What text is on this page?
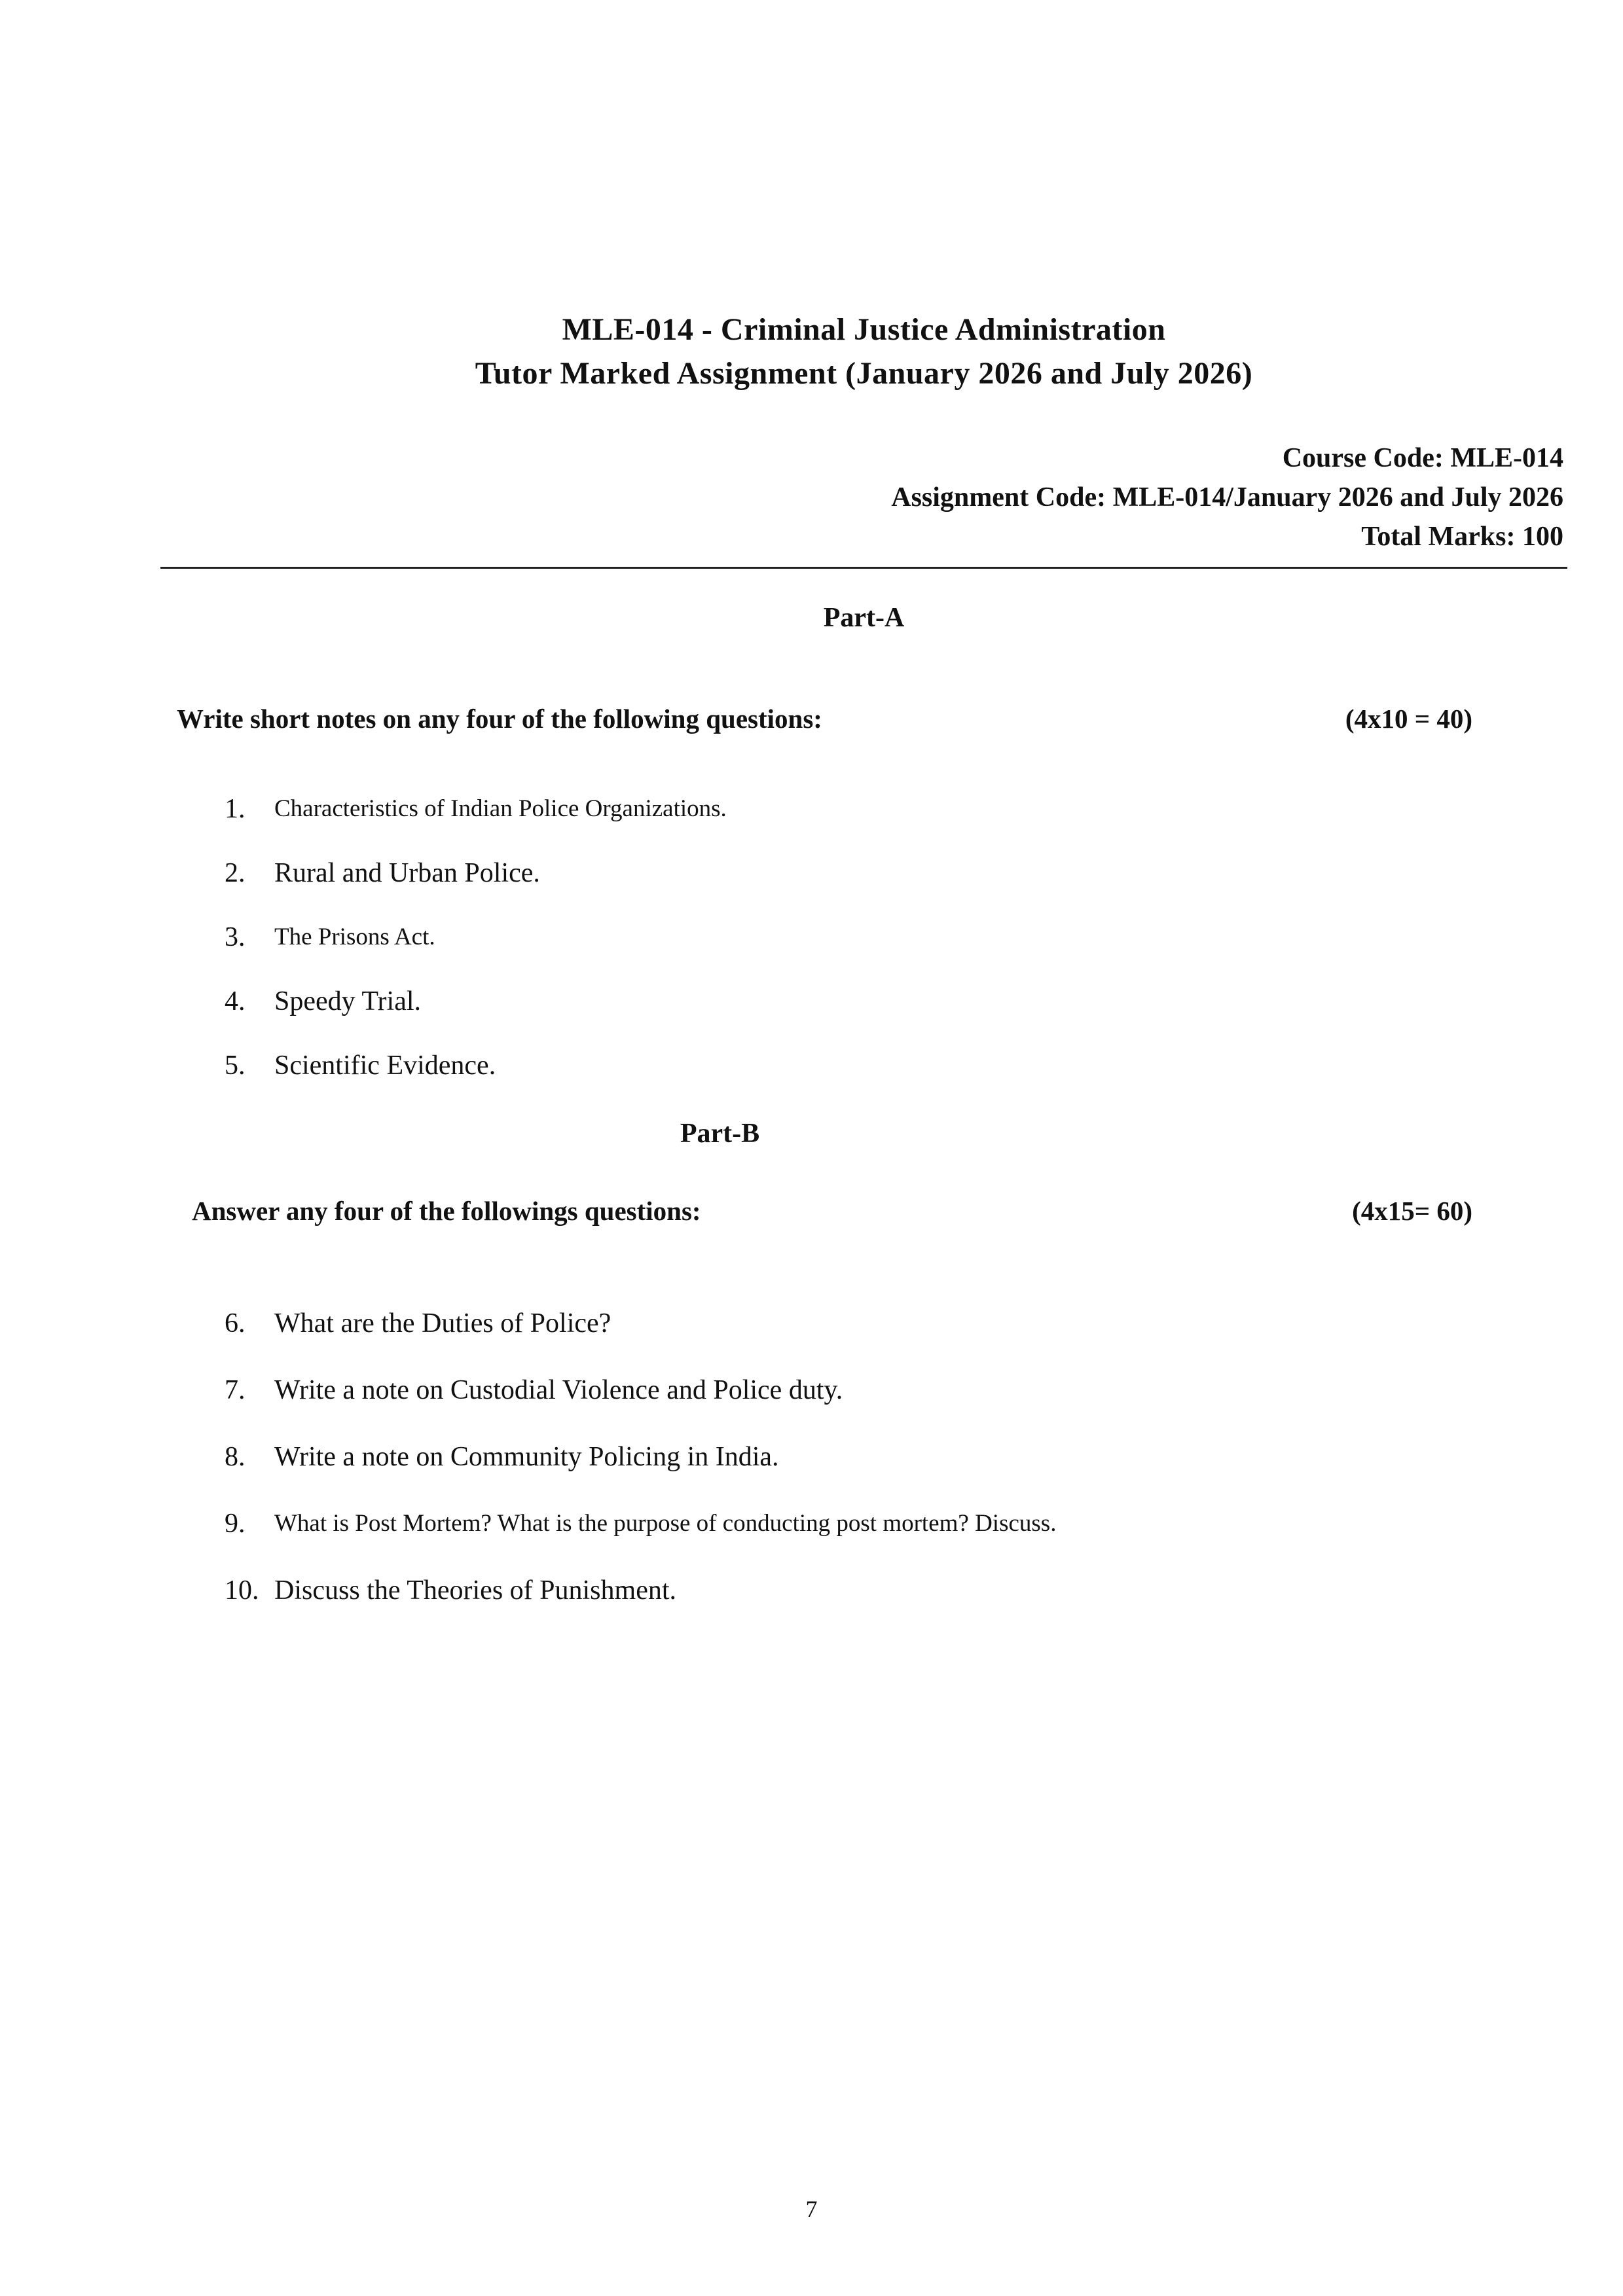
MLE-014 - Criminal Justice Administration
Tutor Marked Assignment (January 2026 and July 2026)
Course Code: MLE-014
Assignment Code: MLE-014/January 2026 and July 2026
Total Marks: 100
Part-A
Write short notes on any four of the following questions:	(4x10 = 40)
1.	Characteristics of Indian Police Organizations.
2.	Rural and Urban Police.
3.	The Prisons Act.
4.	Speedy Trial.
5.	Scientific Evidence.
Part-B
Answer any four of the followings questions:	(4x15= 60)
6.	What are the Duties of Police?
7.	Write a note on Custodial Violence and Police duty.
8.	Write a note on Community Policing in India.
9.	What is Post Mortem? What is the purpose of conducting post mortem? Discuss.
10. Discuss the Theories of Punishment.
7
